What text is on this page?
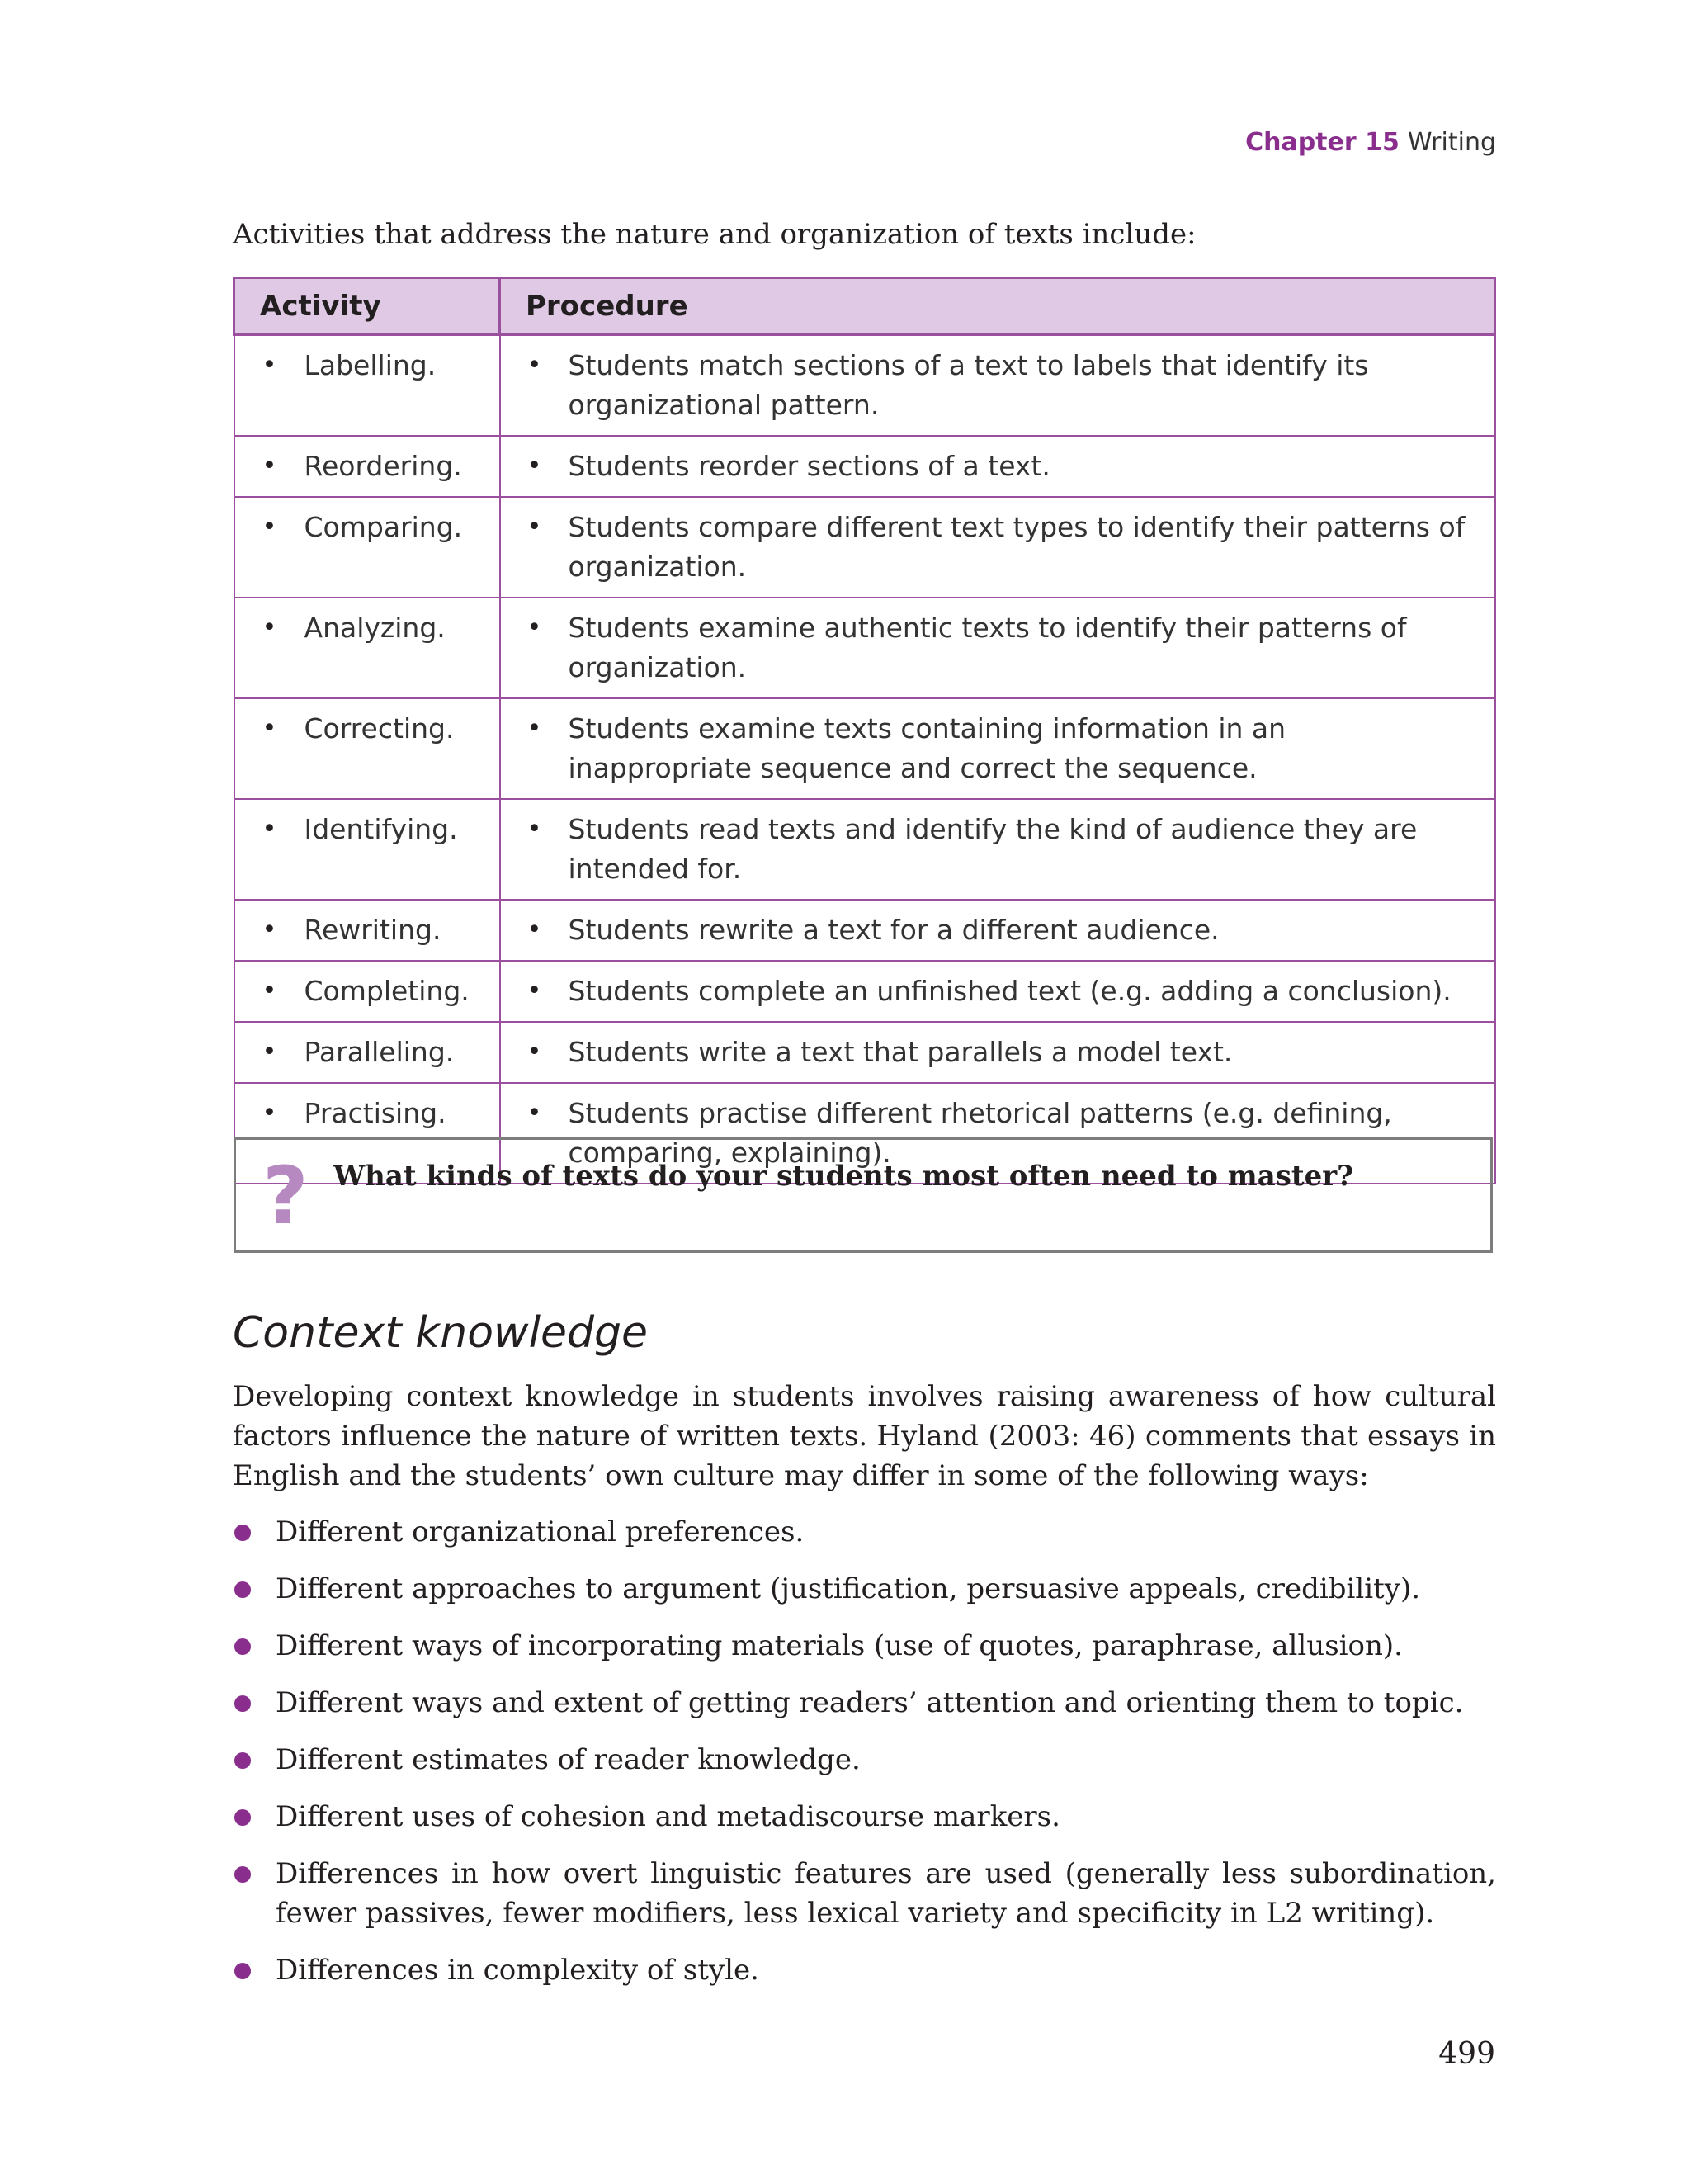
Chapter 15 Writing
Activities that address the nature and organization of texts include:
Activity	Procedure

• Labelling.	• Students match sections of a text to labels that identify its organizational pattern.

• Reordering.	• Students reorder sections of a text.

• Comparing.	• Students compare different text types to identify their patterns of organization.

• Analyzing.	• Students examine authentic texts to identify their patterns of organization.

• Correcting.	• Students examine texts containing information in an inappropriate sequence and correct the sequence.

• Identifying.	• Students read texts and identify the kind of audience they are intended for.

• Rewriting.	• Students rewrite a text for a different audience.

• Completing.	• Students complete an unfinished text (e.g. adding a conclusion).

• Paralleling.	• Students write a text that parallels a model text.

• Practising.	• Students practise different rhetorical patterns (e.g. defining, comparing, explaining).
? What kinds of texts do your students most often need to master?
Context knowledge
Developing context knowledge in students involves raising awareness of how cultural factors influence the nature of written texts. Hyland (2003: 46) comments that essays in English and the students’ own culture may differ in some of the following ways:
Different organizational preferences.
Different approaches to argument (justification, persuasive appeals, credibility).
Different ways of incorporating materials (use of quotes, paraphrase, allusion).
Different ways and extent of getting readers’ attention and orienting them to topic.
Different estimates of reader knowledge.
Different uses of cohesion and metadiscourse markers.
Differences in how overt linguistic features are used (generally less subordination, fewer passives, fewer modifiers, less lexical variety and specificity in L2 writing).
Differences in complexity of style.
499
